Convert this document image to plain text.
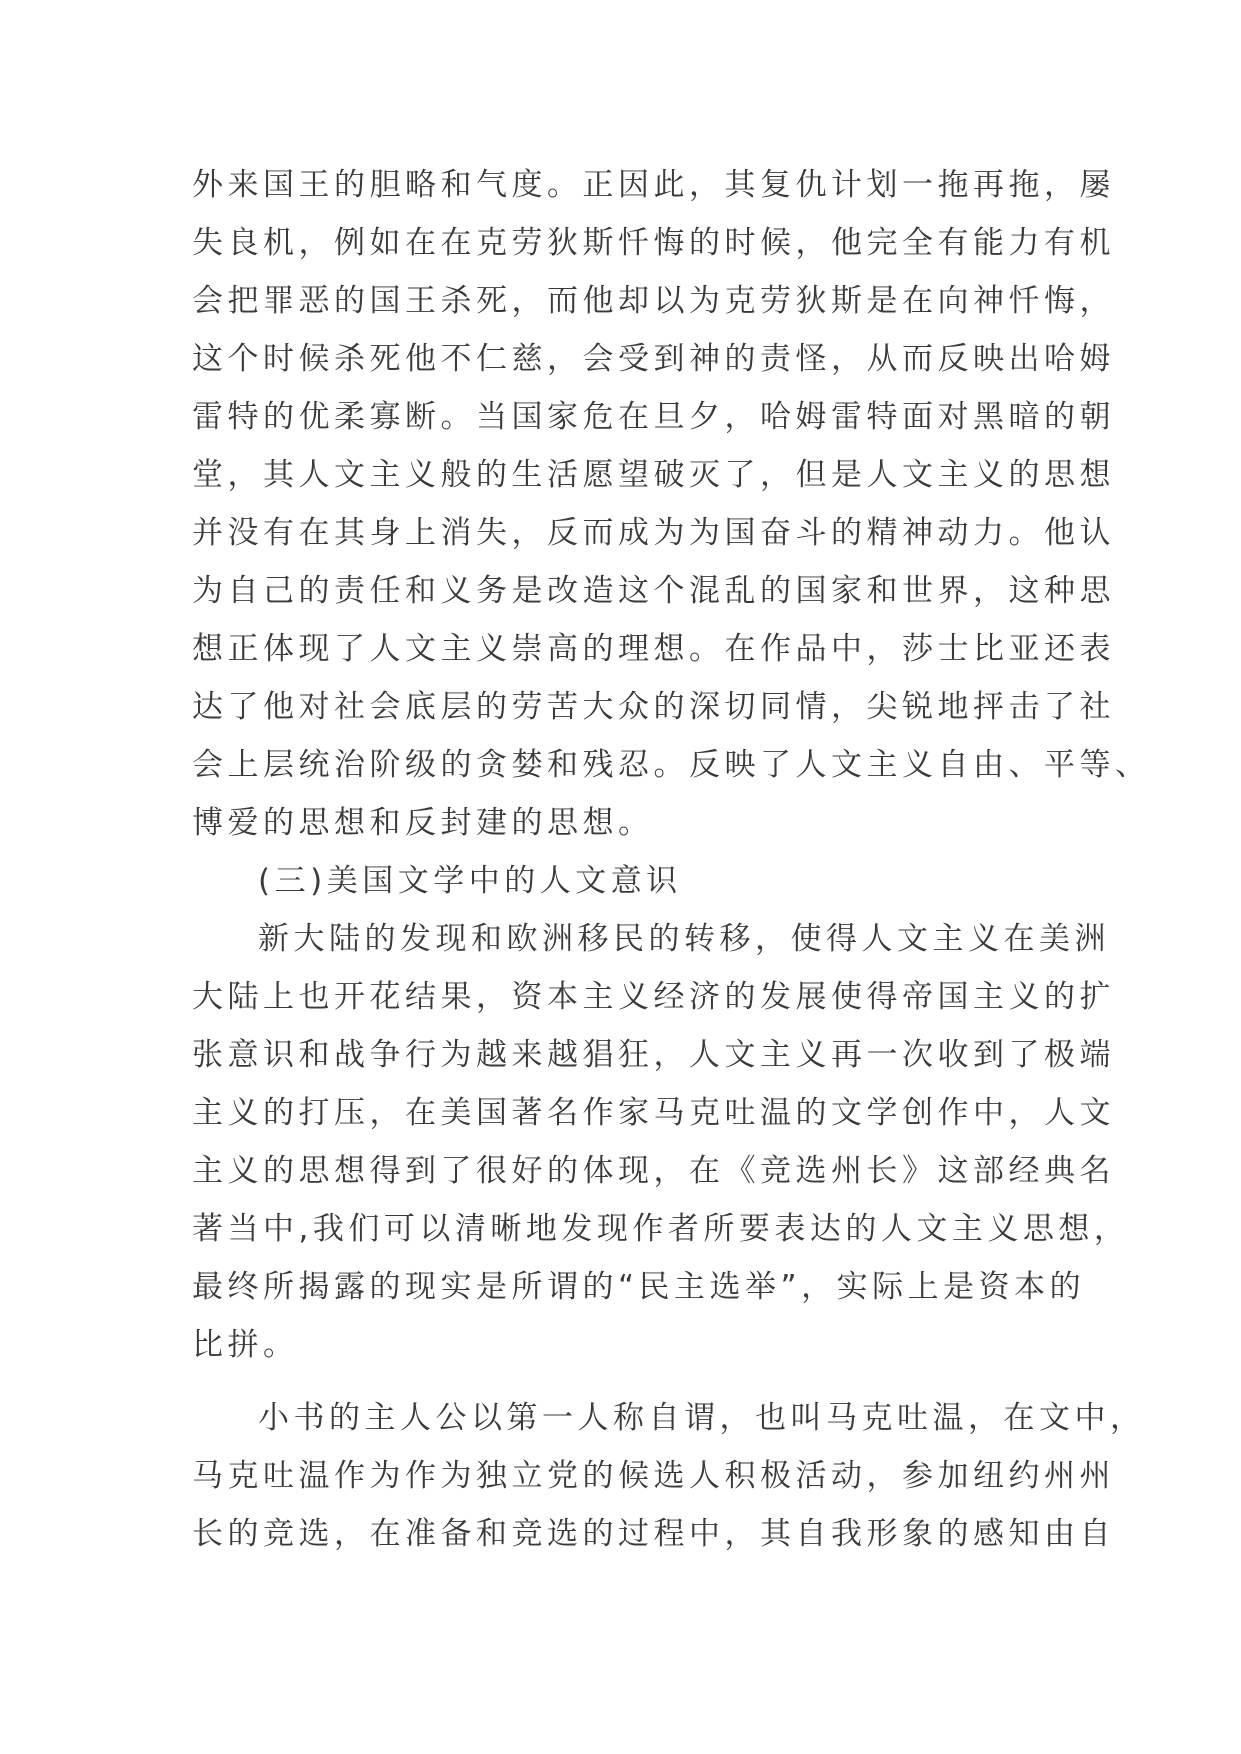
外来国王的胆略和气度。正因此，其复仇计划一拖再拖，屡
失良机，例如在在克劳狄斯忏悔的时候，他完全有能力有机
会把罪恶的国王杀死，而他却以为克劳狄斯是在向神忏悔，
这个时候杀死他不仁慈，会受到神的责怪，从而反映出哈姆
雷特的优柔寡断。当国家危在旦夕，哈姆雷特面对黑暗的朝
堂，其人文主义般的生活愿望破灭了，但是人文主义的思想
并没有在其身上消失，反而成为为国奋斗的精神动力。他认
为自己的责任和义务是改造这个混乱的国家和世界，这种思
想正体现了人文主义崇高的理想。在作品中，莎士比亚还表
达了他对社会底层的劳苦大众的深切同情，尖锐地抨击了社
会上层统治阶级的贪婪和残忍。反映了人文主义自由、平等、
博爱的思想和反封建的思想。
(三)美国文学中的人文意识
新大陆的发现和欧洲移民的转移，使得人文主义在美洲
大陆上也开花结果，资本主义经济的发展使得帝国主义的扩
张意识和战争行为越来越猖狂，人文主义再一次收到了极端
主义的打压，在美国著名作家马克吐温的文学创作中，人文
主义的思想得到了很好的体现，在《竞选州长》这部经典名
著当中,我们可以清晰地发现作者所要表达的人文主义思想，
最终所揭露的现实是所谓的“民主选举”，实际上是资本的
比拼。
小书的主人公以第一人称自谓，也叫马克吐温，在文中，
马克吐温作为作为独立党的候选人积极活动，参加纽约州州
长的竞选，在准备和竞选的过程中，其自我形象的感知由自
